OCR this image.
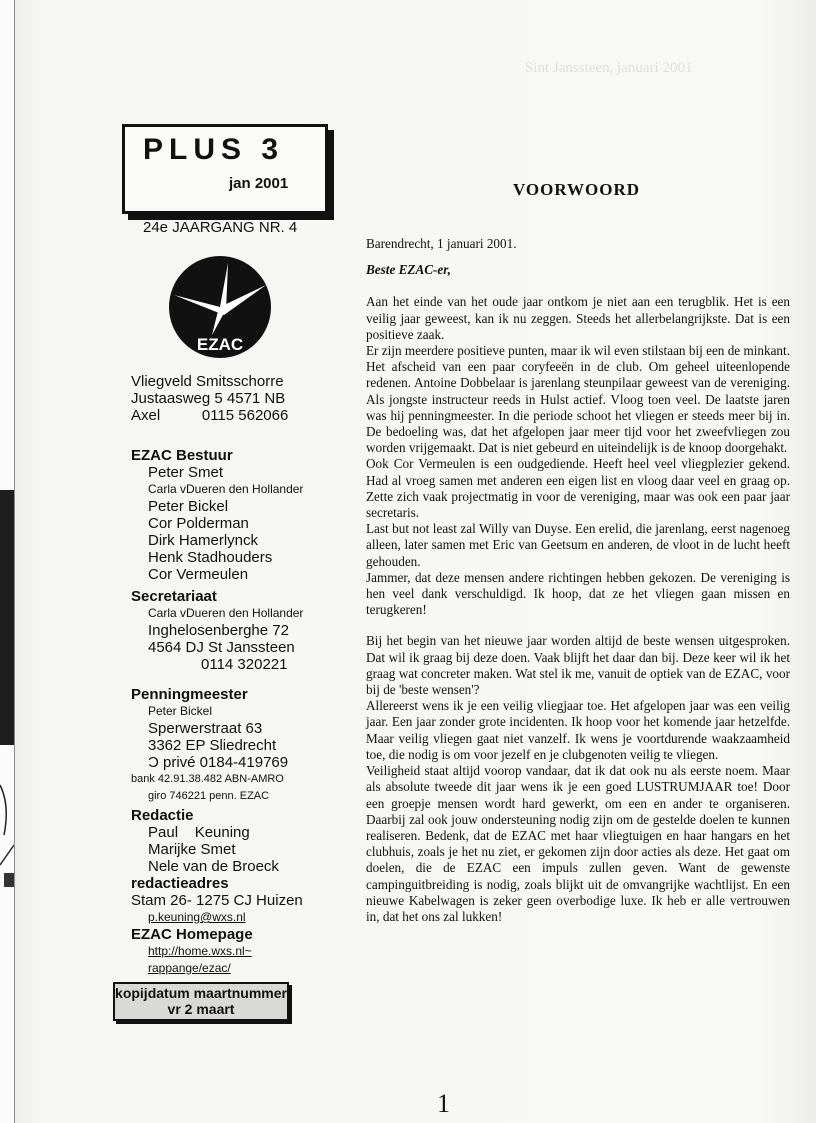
Sint Janssteen, januari 2001
PLUS 3
jan 2001
24e JAARGANG NR. 4
EZAC
Vliegveld Smitsschorre
Justaasweg 5 4571 NB
Axel          0115 562066
EZAC Bestuur
Peter Smet
Carla vDueren den Hollander
Peter Bickel
Cor Polderman
Dirk Hamerlynck
Henk Stadhouders
Cor Vermeulen
Secretariaat
Carla vDueren den Hollander
Inghelosenberghe 72
4564 DJ St Janssteen
0114 320221
Penningmeester
Peter Bickel
Sperwerstraat 63
3362 EP Sliedrecht
Ɔ privé 0184-419769
bank 42.91.38.482 ABN-AMRO
giro 746221 penn. EZAC
Redactie
Paul    Keuning
Marijke Smet
Nele van de Broeck
redactieadres
Stam 26- 1275 CJ Huizen
p.keuning@wxs.nl
EZAC Homepage
http://home.wxs.nl~
rappange/ezac/
kopijdatum maartnummer
vr 2 maart
VOORWOORD

Barendrecht, 1 januari 2001.

Beste EZAC-er,

Aan het einde van het oude jaar ontkom je niet aan een terugblik. Het is een veilig jaar geweest, kan ik nu zeggen. Steeds het allerbelangrijkste. Dat is een positieve zaak.

Er zijn meerdere positieve punten, maar ik wil even stilstaan bij een de minkant. Het afscheid van een paar coryfeeën in de club. Om geheel uiteenlopende redenen. Antoine Dobbelaar is jarenlang steunpilaar geweest van de vereniging. Als jongste instructeur reeds in Hulst actief. Vloog toen veel. De laatste jaren was hij penningmeester. In die periode schoot het vliegen er steeds meer bij in. De bedoeling was, dat het afgelopen jaar meer tijd voor het zweefvliegen zou worden vrijgemaakt. Dat is niet gebeurd en uiteindelijk is de knoop doorgehakt.

Ook Cor Vermeulen is een oudgediende. Heeft heel veel vliegplezier gekend. Had al vroeg samen met anderen een eigen list en vloog daar veel en graag op. Zette zich vaak projectmatig in voor de vereniging, maar was ook een paar jaar secretaris.

Last but not least zal Willy van Duyse. Een erelid, die jarenlang, eerst nagenoeg alleen, later samen met Eric van Geetsum en anderen, de vloot in de lucht heeft gehouden.

Jammer, dat deze mensen andere richtingen hebben gekozen. De vereniging is hen veel dank verschuldigd. Ik hoop, dat ze het vliegen gaan missen en terugkeren!

Bij het begin van het nieuwe jaar worden altijd de beste wensen uitgesproken. Dat wil ik graag bij deze doen. Vaak blijft het daar dan bij. Deze keer wil ik het graag wat concreter maken. Wat stel ik me, vanuit de optiek van de EZAC, voor bij de 'beste wensen'?

Allereerst wens ik je een veilig vliegjaar toe. Het afgelopen jaar was een veilig jaar. Een jaar zonder grote incidenten. Ik hoop voor het komende jaar hetzelfde. Maar veilig vliegen gaat niet vanzelf. Ik wens je voortdurende waakzaamheid toe, die nodig is om voor jezelf en je clubgenoten veilig te vliegen.

Veiligheid staat altijd voorop vandaar, dat ik dat ook nu als eerste noem. Maar als absolute tweede dit jaar wens ik je een goed LUSTRUMJAAR toe! Door een groepje mensen wordt hard gewerkt, om een en ander te organiseren. Daarbij zal ook jouw ondersteuning nodig zijn om de gestelde doelen te kunnen realiseren. Bedenk, dat de EZAC met haar vliegtuigen en haar hangars en het clubhuis, zoals je het nu ziet, er gekomen zijn door acties als deze. Het gaat om doelen, die de EZAC een impuls zullen geven. Want de gewenste campinguitbreiding is nodig, zoals blijkt uit de omvangrijke wachtlijst. En een nieuwe Kabelwagen is zeker geen overbodige luxe. Ik heb er alle vertrouwen in, dat het ons zal lukken!

1
